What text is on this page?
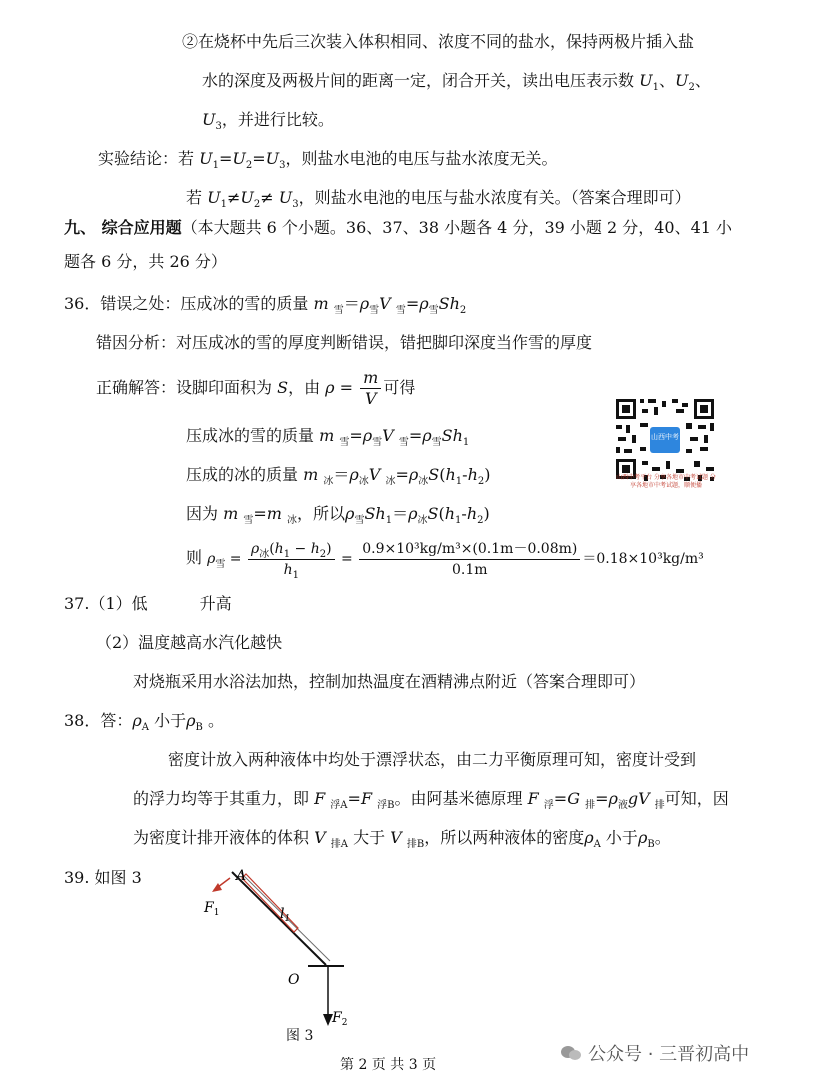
②在烧杯中先后三次装入体积相同、浓度不同的盐水，保持两极片插入盐
水的深度及两极片间的距离一定，闭合开关，读出电压表示数 $U_1$、$U_2$、
$U_3$，并进行比较。
实验结论：若 $U_1=U_2=U_3$，则盐水电池的电压与盐水浓度无关。
若 $U_1\ne U_2\ne U_3$，则盐水电池的电压与盐水浓度有关。（答案合理即可）
九、 综合应用题（本大题共 6 个小题。36、37、38 小题各 4 分，39 小题 2 分，40、41 小
题各 6 分，共 26 分）
36．错误之处：压成冰的雪的质量 m $_雪=\rho_雪V$ $_雪=\rho_雪Sh_2$
错因分析：对压成冰的雪的厚度判断错误，错把脚印深度当作雪的厚度
正确解答：设脚印面积为 S，由 $\rho = \frac{m}{V}$ 可得
压成冰的雪的质量 m $_雪=\rho_雪V$ $_雪=\rho_雪Sh_1$
压成的冰的质量 m $_冰=\rho_冰V$ $_冰=\rho_冰S(h_1-h_2)$
因为 m $_雪$=m $_冰$，所以$\rho_雪Sh_1=\rho_冰S(h_1-h_2)$
则 $\rho_雪 = \frac{\rho_冰(h_1 - h_2)}{h_1} = \frac{\text{0.9×10³kg/m³×(0.1m－0.08m)}}{0.1m} =0.18\times 10^3kg/m^3$
山西中考
山西中考平台 分享各地市中考试题 分享各地市中考试题，顺便播
37.（1）低	升高
（2）温度越高水汽化越快
对烧瓶采用水浴法加热，控制加热温度在酒精沸点附近（答案合理即可）
38．答：$\rho_A$ 小于$\rho_B$ 。
密度计放入两种液体中均处于漂浮状态，由二力平衡原理可知，密度计受到
的浮力均等于其重力，即 F $_{浮A}$=F $_{浮B}$。由阿基米德原理 F $_浮$=G $_排=\rho_液gV$ $_排$可知，因
为密度计排开液体的体积 V $_{排A}$ 大于 V $_{排B}$，所以两种液体的密度$\rho_A$ 小于$\rho_B$。
39. 如图 3	A
O
$F_1$
$F_2$
$l_1$
图 3
第 2 页 共 3 页	公众号 · 三晋初高中
